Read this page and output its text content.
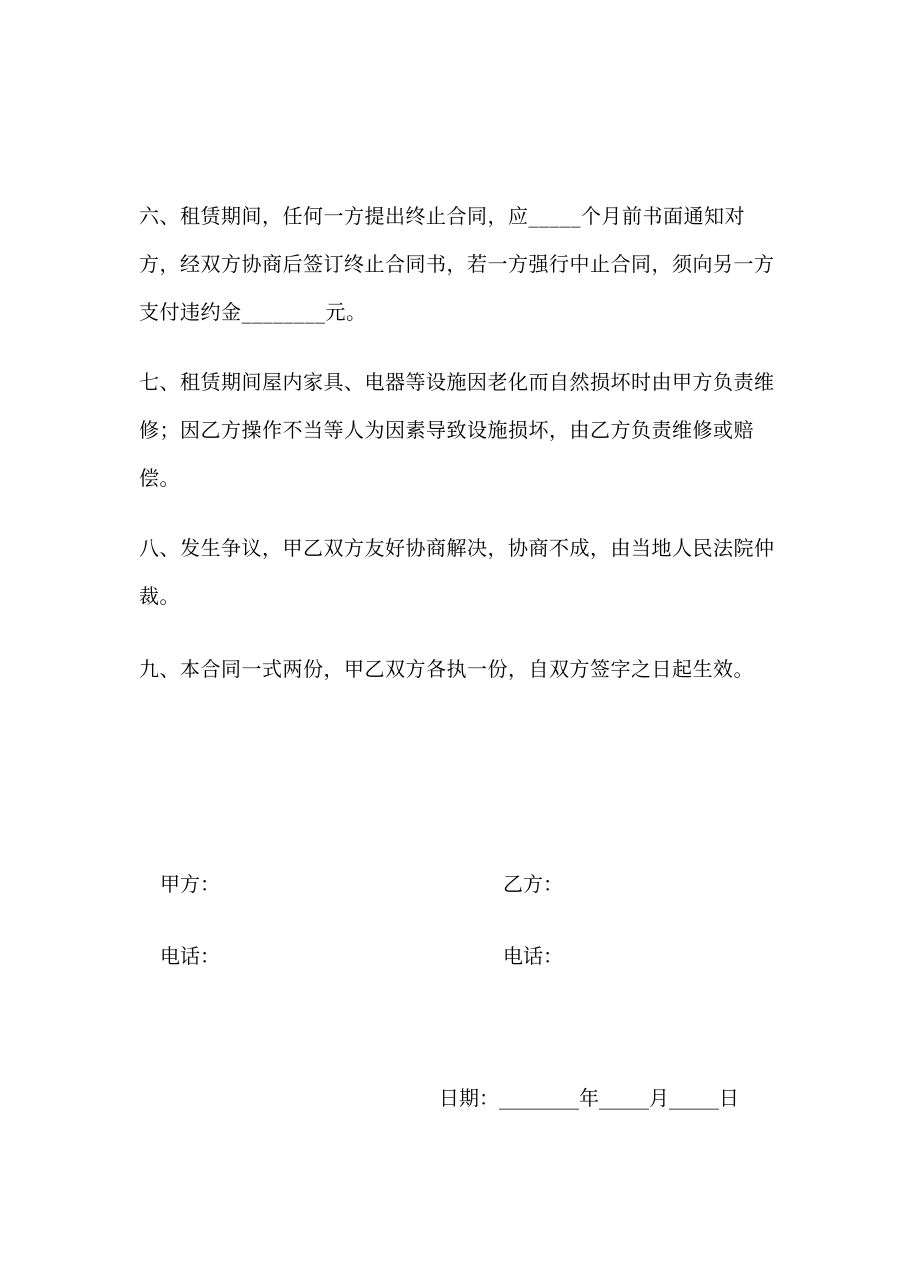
六、租赁期间，任何一方提出终止合同，应_____个月前书面通知对方，经双方协商后签订终止合同书，若一方强行中止合同，须向另一方支付违约金________元。

七、租赁期间屋内家具、电器等设施因老化而自然损坏时由甲方负责维修；因乙方操作不当等人为因素导致设施损坏，由乙方负责维修或赔偿。

八、发生争议，甲乙双方友好协商解决，协商不成，由当地人民法院仲裁。

九、本合同一式两份，甲乙双方各执一份，自双方签字之日起生效。

甲方：	乙方：
电话：	电话：
日期：________年_____月_____日
